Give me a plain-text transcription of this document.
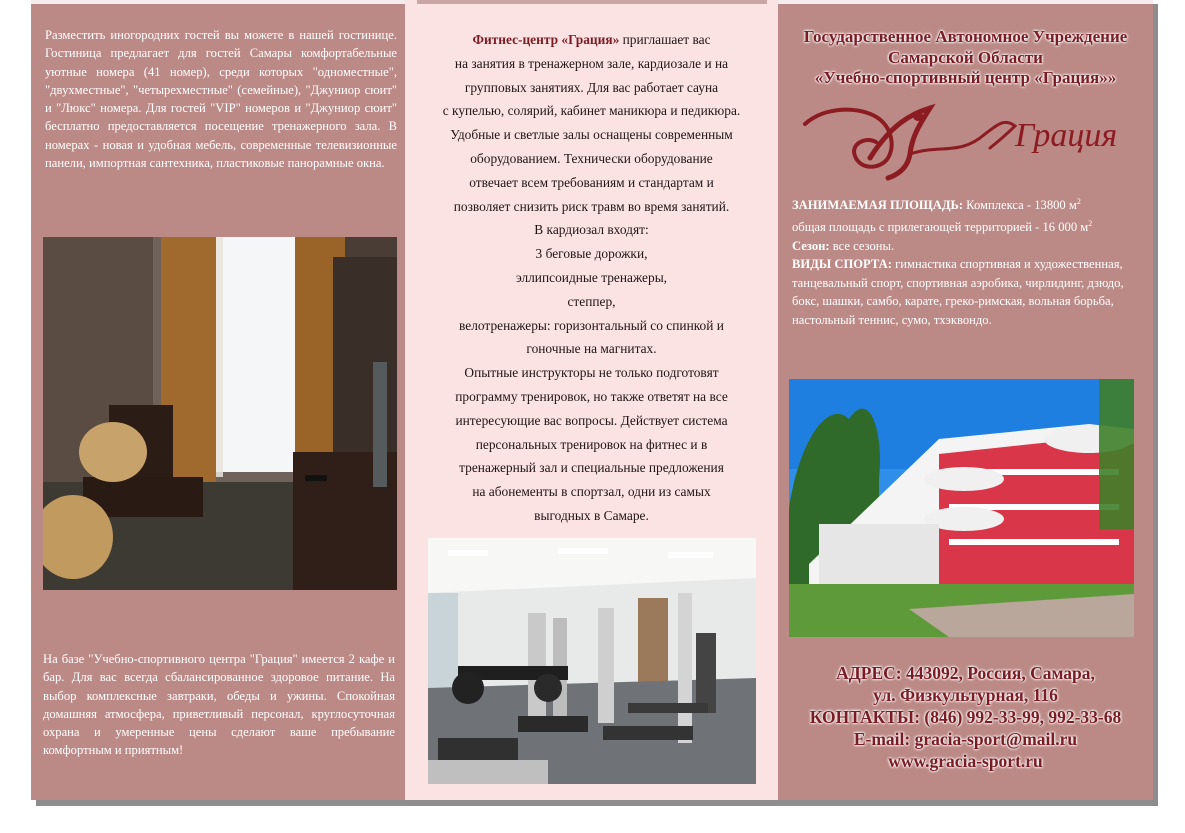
Разместить иногородних гостей вы можете в нашей гостинице. Гостиница предлагает для гостей Самары комфортабельные уютные номера (41 номер), среди которых "одноместные", "двухместные", "четырехместные" (семейные), "Джуниор сюит" и "Люкс" номера. Для гостей "VIP" номеров и "Джуниор сюит" бесплатно предоставляется посещение тренажерного зала. В номерах - новая и удобная мебель, современные телевизионные панели, импортная сантехника, пластиковые панорамные окна.
На базе "Учебно-спортивного центра "Грация" имеется 2 кафе и бар. Для вас всегда сбалансированное здоровое питание. На выбор комплексные завтраки, обеды и ужины. Спокойная домашняя атмосфера, приветливый персонал, круглосуточная охрана и умеренные цены сделают ваше пребывание комфортным и приятным!
Фитнес-центр «Грация» приглашает вас
на занятия в тренажерном зале, кардиозале и на
групповых занятиях. Для вас работает сауна
с купелью, солярий, кабинет маникюра и педикюра.
Удобные и светлые залы оснащены современным
оборудованием. Технически оборудование
отвечает всем требованиям и стандартам и
позволяет снизить риск травм во время занятий.
В кардиозал входят:
3 беговые дорожки,
эллипсоидные тренажеры,
степпер,
велотренажеры: горизонтальный со спинкой и
гоночные на магнитах.
Опытные инструкторы не только подготовят
программу тренировок, но также ответят на все
интересующие вас вопросы. Действует система
персональных тренировок на фитнес и в
тренажерный зал и специальные предложения
на абонементы в спортзал, одни из самых
выгодных в Самаре.
Государственное Автономное Учреждение
Самарской Области
«Учебно-спортивный центр «Грация»»
Грация
ЗАНИМАЕМАЯ ПЛОЩАДЬ: Комплекса - 13800 $м^2$
общая площадь с прилегающей территорией - 16 000 $м^2$
Сезон: все сезоны.
ВИДЫ СПОРТА: гимнастика спортивная и художественная, танцевальный спорт, спортивная аэробика, чирлидинг, дзюдо, бокс, шашки, самбо, карате, греко-римская, вольная борьба, настольный теннис, сумо, тхэквондо.
АДРЕС: 443092, Россия, Самара,
ул. Физкультурная, 116
КОНТАКТЫ: (846) 992-33-99, 992-33-68
E-mail: gracia-sport@mail.ru
www.gracia-sport.ru
